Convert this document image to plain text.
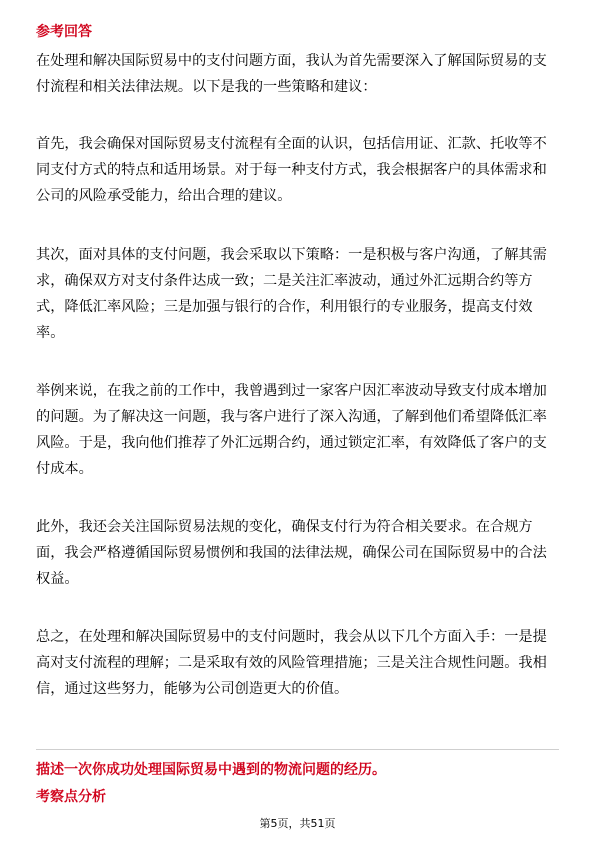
参考回答
在处理和解决国际贸易中的支付问题方面，我认为首先需要深入了解国际贸易的支
付流程和相关法律法规。以下是我的一些策略和建议：
首先，我会确保对国际贸易支付流程有全面的认识，包括信用证、汇款、托收等不
同支付方式的特点和适用场景。对于每一种支付方式，我会根据客户的具体需求和
公司的风险承受能力，给出合理的建议。
其次，面对具体的支付问题，我会采取以下策略：一是积极与客户沟通，了解其需
求，确保双方对支付条件达成一致；二是关注汇率波动，通过外汇远期合约等方
式，降低汇率风险；三是加强与银行的合作，利用银行的专业服务，提高支付效
率。
举例来说，在我之前的工作中，我曾遇到过一家客户因汇率波动导致支付成本增加
的问题。为了解决这一问题，我与客户进行了深入沟通，了解到他们希望降低汇率
风险。于是，我向他们推荐了外汇远期合约，通过锁定汇率，有效降低了客户的支
付成本。
此外，我还会关注国际贸易法规的变化，确保支付行为符合相关要求。在合规方
面，我会严格遵循国际贸易惯例和我国的法律法规，确保公司在国际贸易中的合法
权益。
总之，在处理和解决国际贸易中的支付问题时，我会从以下几个方面入手：一是提
高对支付流程的理解；二是采取有效的风险管理措施；三是关注合规性问题。我相
信，通过这些努力，能够为公司创造更大的价值。
描述一次你成功处理国际贸易中遇到的物流问题的经历。
考察点分析
第5页，共51页
